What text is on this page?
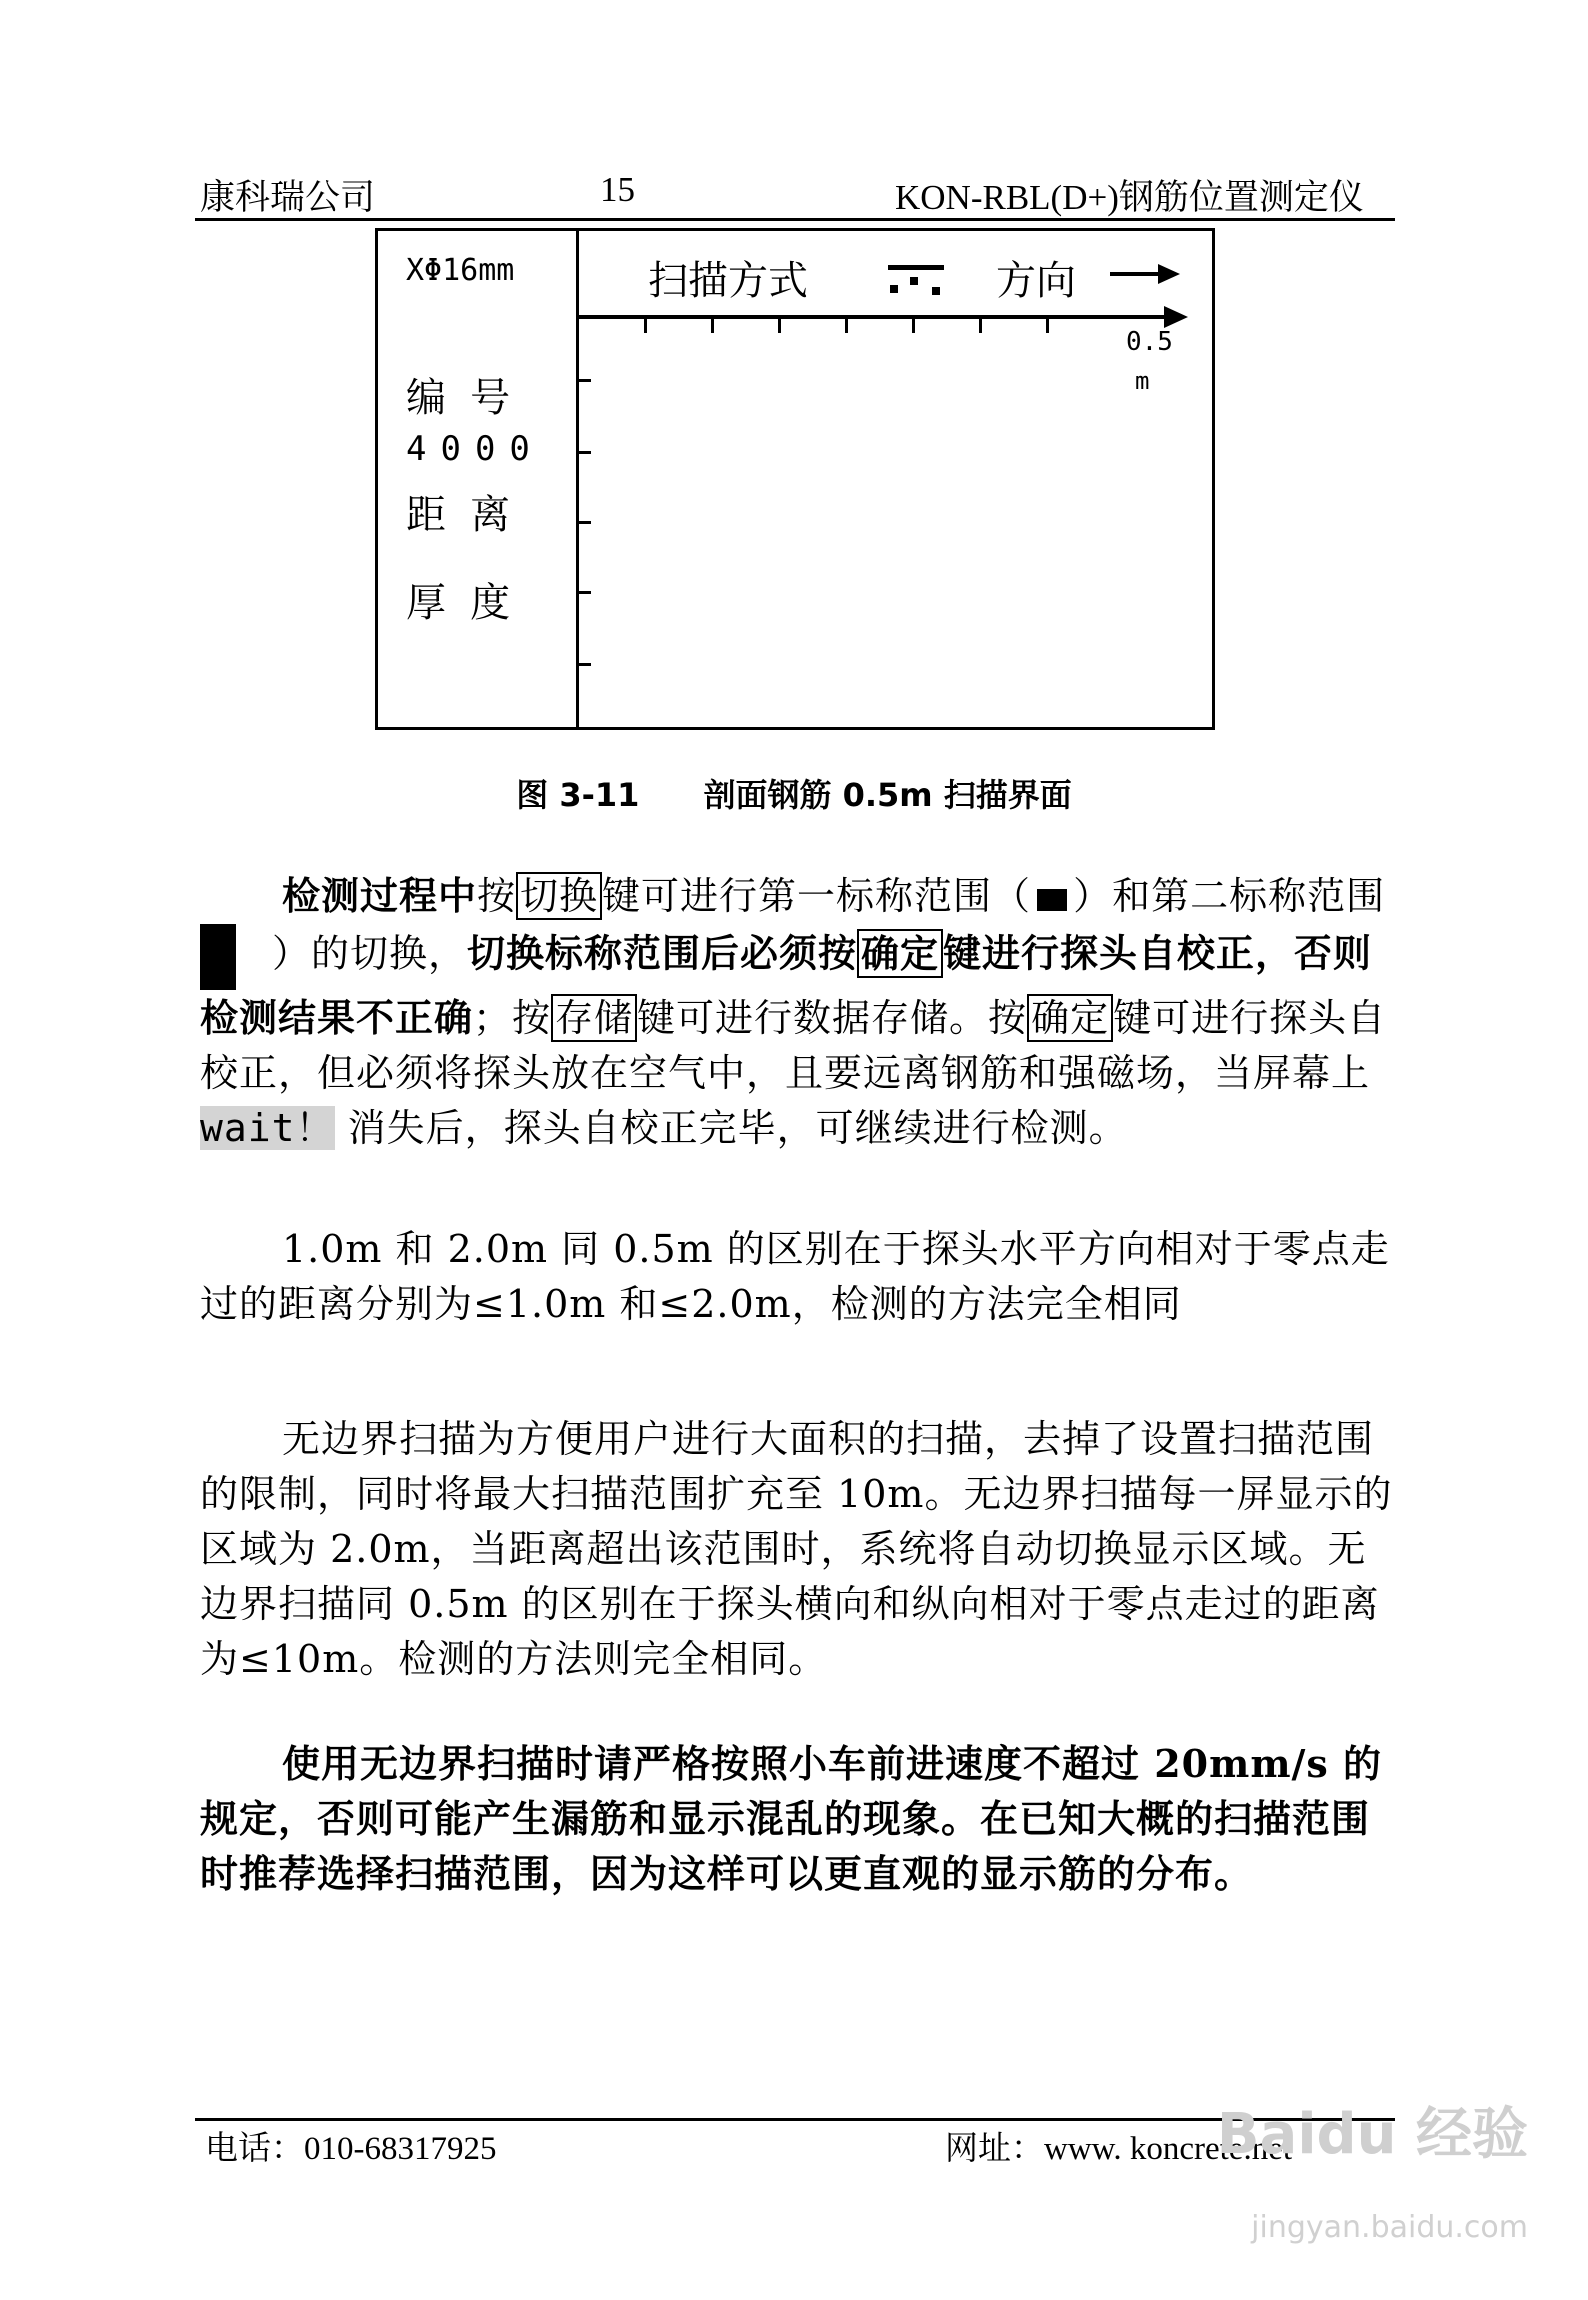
康科瑞公司	15	KON-RBL(D+)钢筋位置测定仪
XΦ16mm
编 号
4000
距 离
厚 度
扫描方式	方向
0.5
m
图 3-11　　剖面钢筋 0.5m 扫描界面

检测过程中按 切换 键可进行第一标称范围（ ）和第二标称范围）的切换，切换标称范围后必须按 确定 键进行探头自校正，否则检测结果不正确；按 存储 键可进行数据存储。按 确定 键可进行探头自校正，但必须将探头放在空气中，且要远离钢筋和强磁场，当屏幕上 wait！ 消失后，探头自校正完毕，可继续进行检测。

1.0m 和 2.0m 同 0.5m 的区别在于探头水平方向相对于零点走过的距离分别为≤1.0m 和≤2.0m，检测的方法完全相同

无边界扫描为方便用户进行大面积的扫描，去掉了设置扫描范围的限制，同时将最大扫描范围扩充至 10m。无边界扫描每一屏显示的区域为 2.0m，当距离超出该范围时，系统将自动切换显示区域。无边界扫描同 0.5m 的区别在于探头横向和纵向相对于零点走过的距离为≤10m。检测的方法则完全相同。

使用无边界扫描时请严格按照小车前进速度不超过 20mm/s 的规定，否则可能产生漏筋和显示混乱的现象。在已知大概的扫描范围时推荐选择扫描范围，因为这样可以更直观的显示筋的分布。

电话：010-68317925	网址：www. koncrete.net
Baidu 经验
jingyan.baidu.com
